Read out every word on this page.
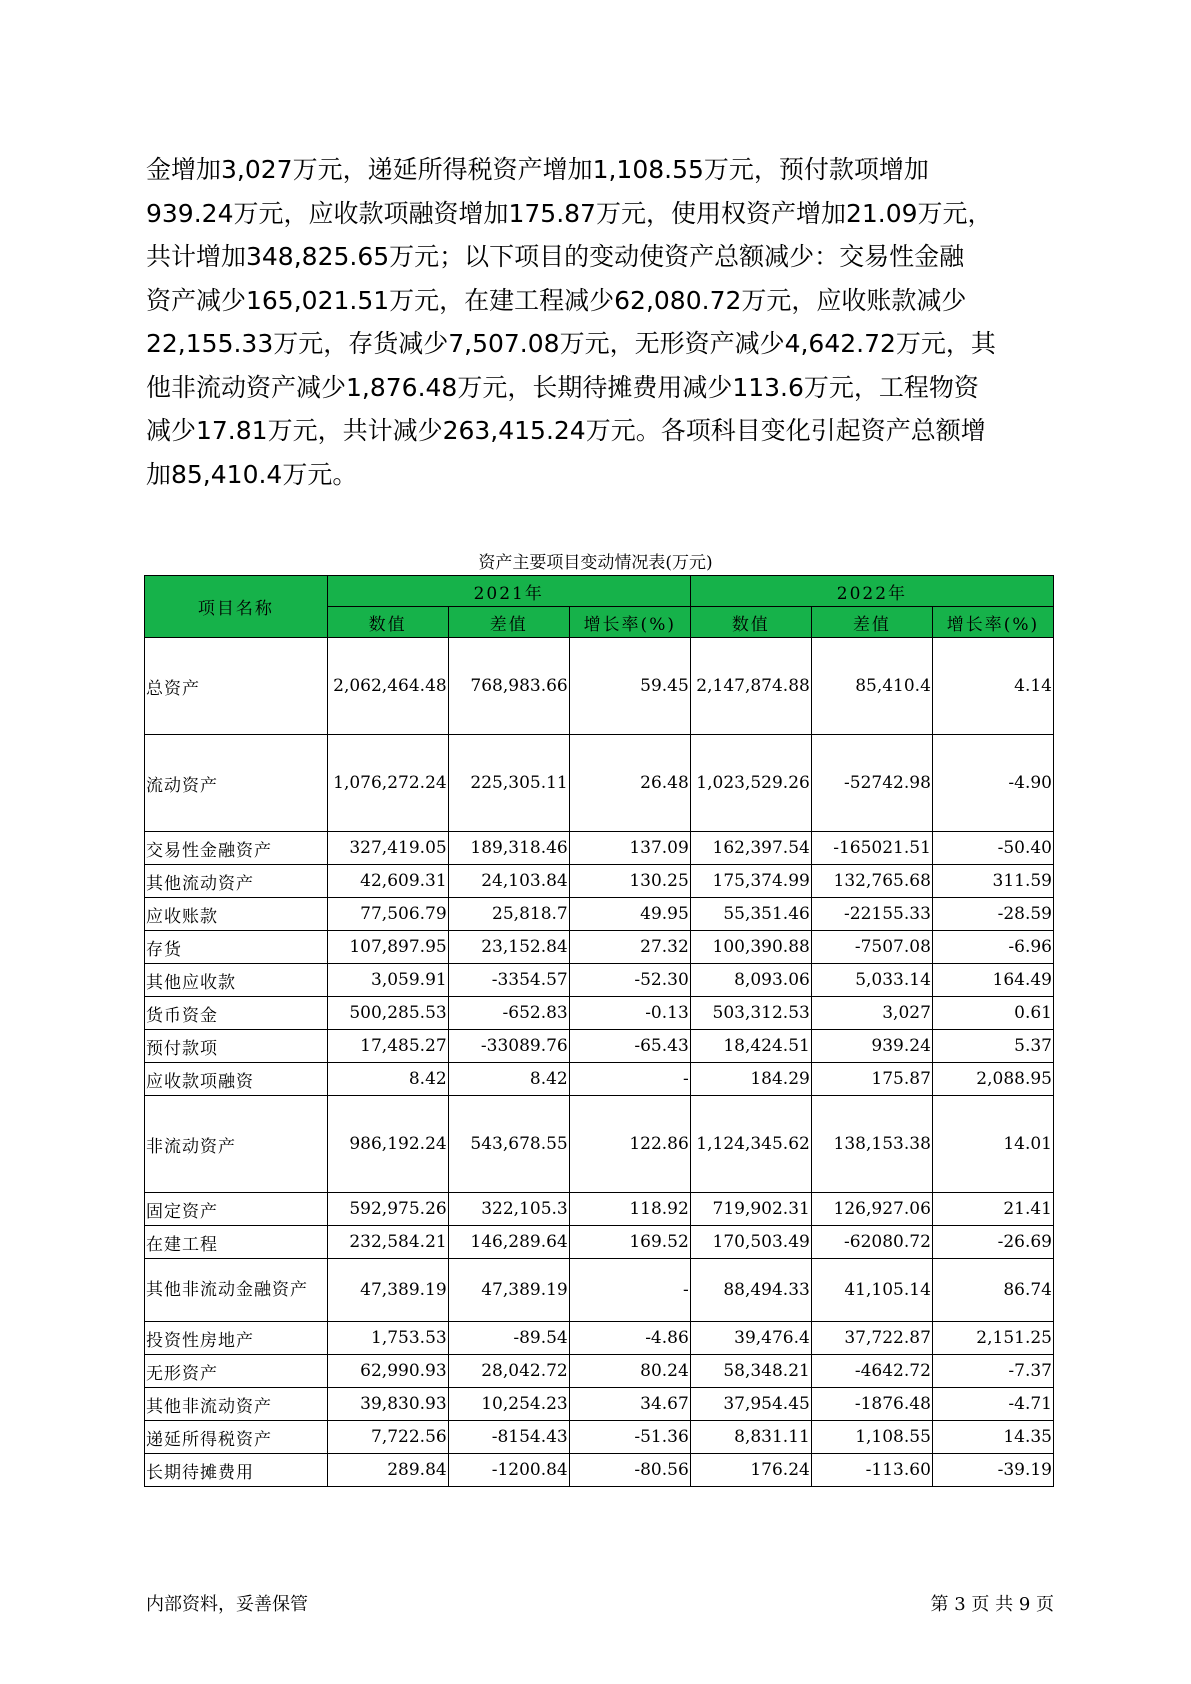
金增加3,027万元，递延所得税资产增加1,108.55万元，预付款项增加
939.24万元，应收款项融资增加175.87万元，使用权资产增加21.09万元，
共计增加348,825.65万元；以下项目的变动使资产总额减少：交易性金融
资产减少165,021.51万元，在建工程减少62,080.72万元，应收账款减少
22,155.33万元，存货减少7,507.08万元，无形资产减少4,642.72万元，其
他非流动资产减少1,876.48万元，长期待摊费用减少113.6万元，工程物资
减少17.81万元，共计减少263,415.24万元。各项科目变化引起资产总额增
加85,410.4万元。
资产主要项目变动情况表(万元)
项目名称	2021年			2022年		
	数值	差值	增长率(%)	数值	差值	增长率(%)
总资产	2,062,464.48	768,983.66	59.45	2,147,874.88	85,410.4	4.14
流动资产	1,076,272.24	225,305.11	26.48	1,023,529.26	-52742.98	-4.90
交易性金融资产	327,419.05	189,318.46	137.09	162,397.54	-165021.51	-50.40
其他流动资产	42,609.31	24,103.84	130.25	175,374.99	132,765.68	311.59
应收账款	77,506.79	25,818.7	49.95	55,351.46	-22155.33	-28.59
存货	107,897.95	23,152.84	27.32	100,390.88	-7507.08	-6.96
其他应收款	3,059.91	-3354.57	-52.30	8,093.06	5,033.14	164.49
货币资金	500,285.53	-652.83	-0.13	503,312.53	3,027	0.61
预付款项	17,485.27	-33089.76	-65.43	18,424.51	939.24	5.37
应收款项融资	8.42	8.42	-	184.29	175.87	2,088.95
非流动资产	986,192.24	543,678.55	122.86	1,124,345.62	138,153.38	14.01
固定资产	592,975.26	322,105.3	118.92	719,902.31	126,927.06	21.41
在建工程	232,584.21	146,289.64	169.52	170,503.49	-62080.72	-26.69
其他非流动金融资产	47,389.19	47,389.19	-	88,494.33	41,105.14	86.74
投资性房地产	1,753.53	-89.54	-4.86	39,476.4	37,722.87	2,151.25
无形资产	62,990.93	28,042.72	80.24	58,348.21	-4642.72	-7.37
其他非流动资产	39,830.93	10,254.23	34.67	37,954.45	-1876.48	-4.71
递延所得税资产	7,722.56	-8154.43	-51.36	8,831.11	1,108.55	14.35
长期待摊费用	289.84	-1200.84	-80.56	176.24	-113.60	-39.19
内部资料，妥善保管	第 3 页 共 9 页
